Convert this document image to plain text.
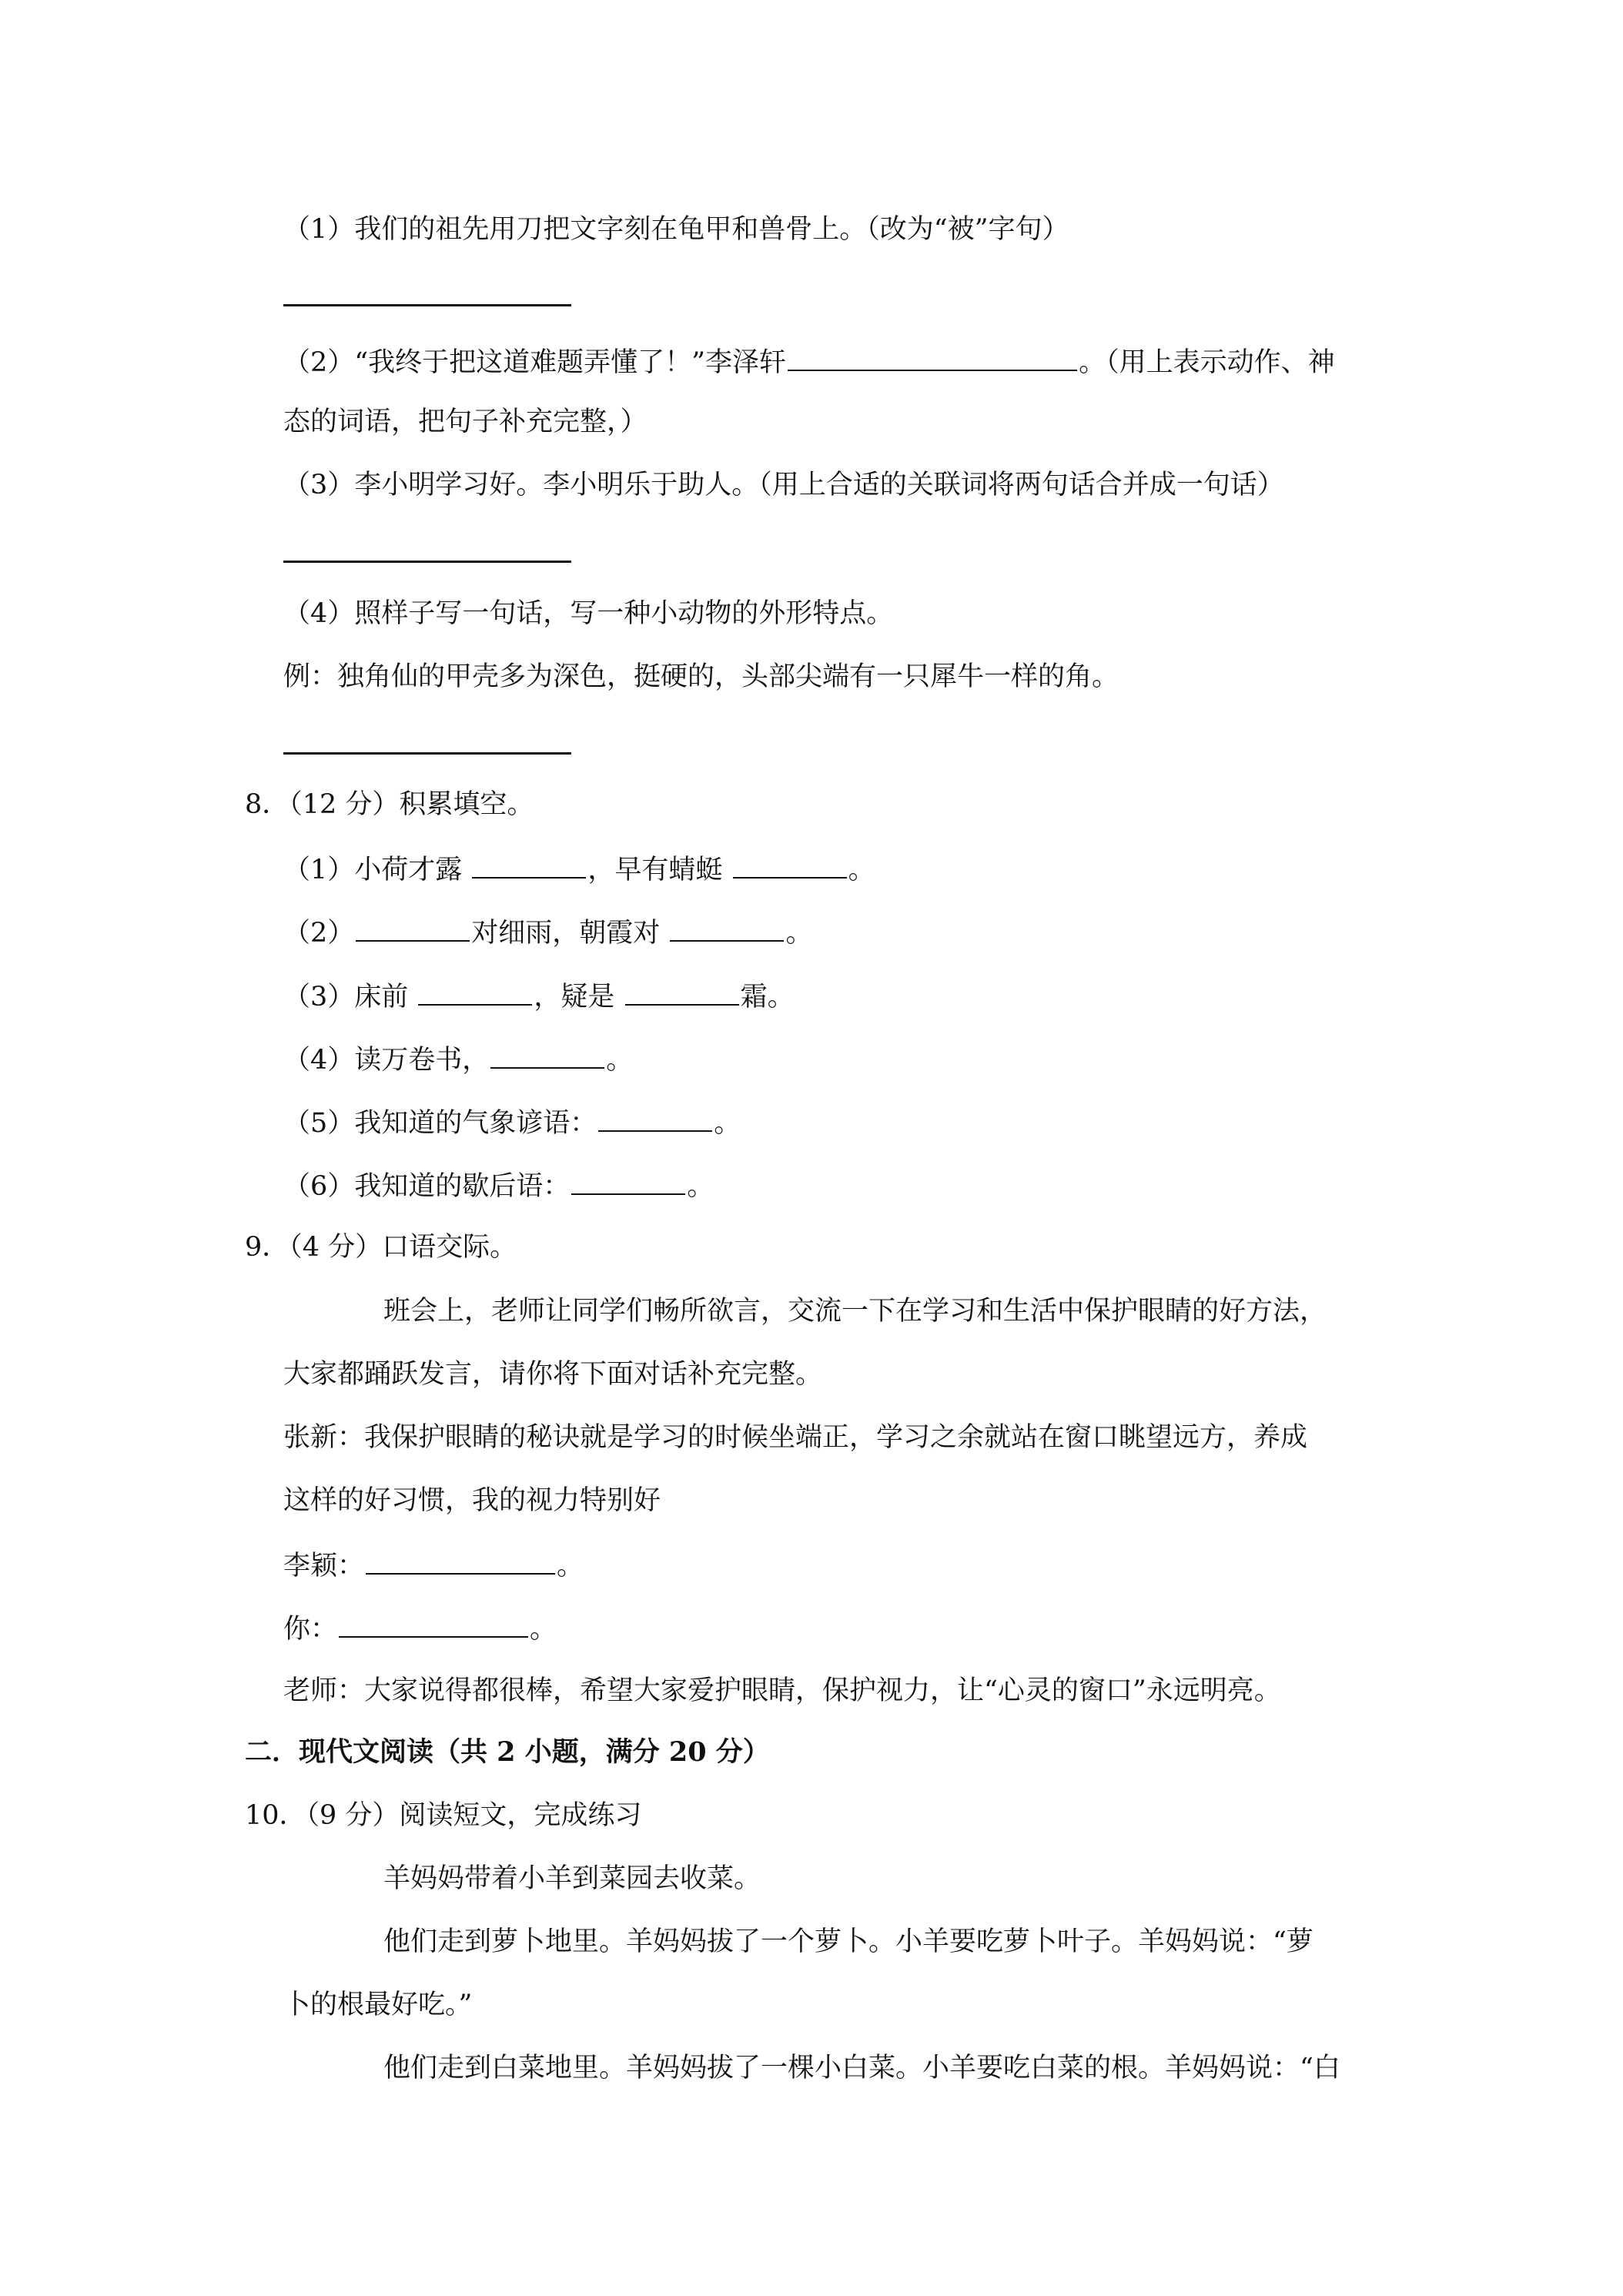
（1）我们的祖先用刀把文字刻在龟甲和兽骨上。（改为“被”字句）
（2）“我终于把这道难题弄懂了！”李泽轩	。（用上表示动作、神
态的词语，把句子补充完整，）
（3）李小明学习好。李小明乐于助人。（用上合适的关联词将两句话合并成一句话）
（4）照样子写一句话，写一种小动物的外形特点。
例：独角仙的甲壳多为深色，挺硬的，头部尖端有一只犀牛一样的角。
8．（12 分）积累填空。
（1）小荷才露	，早有蜻蜓	。
（2）	对细雨，朝霞对	。
（3）床前	，疑是	霜。
（4）读万卷书，	。
（5）我知道的气象谚语：	。
（6）我知道的歇后语：	。
9．（4 分）口语交际。
班会上，老师让同学们畅所欲言，交流一下在学习和生活中保护眼睛的好方法，
大家都踊跃发言，请你将下面对话补充完整。
张新：我保护眼睛的秘诀就是学习的时候坐端正，学习之余就站在窗口眺望远方，养成
这样的好习惯，我的视力特别好
李颖：	。
你：	。
老师：大家说得都很棒，希望大家爱护眼睛，保护视力，让“心灵的窗口”永远明亮。
二．现代文阅读（共 2 小题，满分 20 分）
10．（9 分）阅读短文，完成练习
羊妈妈带着小羊到菜园去收菜。
他们走到萝卜地里。羊妈妈拔了一个萝卜。小羊要吃萝卜叶子。羊妈妈说：“萝
卜的根最好吃。”
他们走到白菜地里。羊妈妈拔了一棵小白菜。小羊要吃白菜的根。羊妈妈说：“白
